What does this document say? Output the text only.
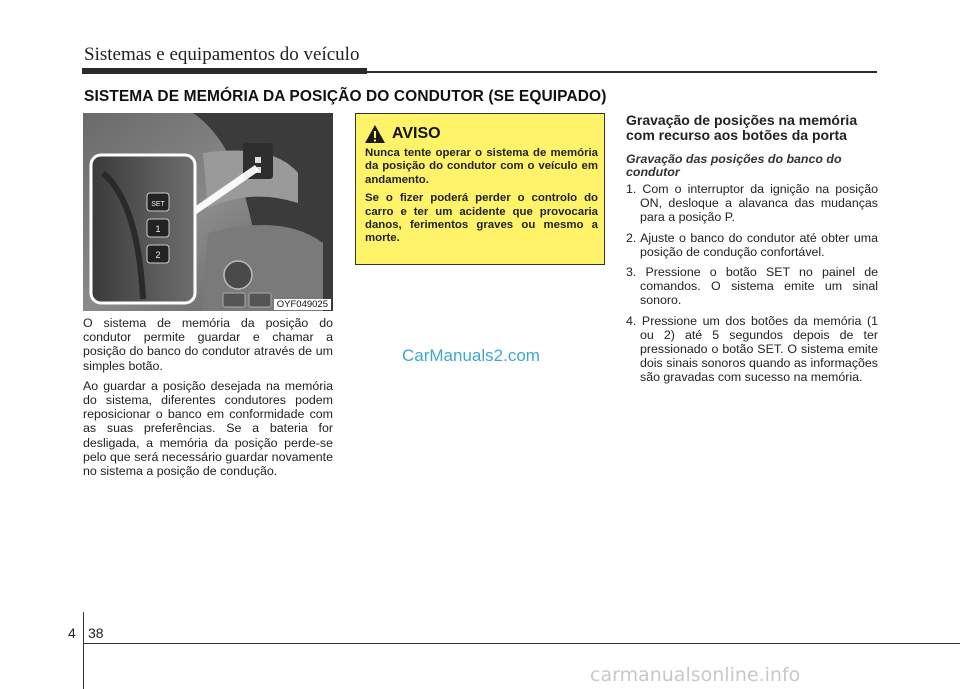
Sistemas e equipamentos do veículo
SISTEMA DE MEMÓRIA DA POSIÇÃO DO CONDUTOR (SE EQUIPADO)
SET
1
2
OYF049025

O sistema de memória da posição do condutor permite guardar e chamar a posição do banco do condutor através de um simples botão.

Ao guardar a posição desejada na memória do sistema, diferentes condutores podem reposicionar o banco em conformidade com as suas preferências. Se a bateria for desligada, a memória da posição perde-se pelo que será necessário guardar novamente no sistema a posição de condução.

AVISO

Nunca tente operar o sistema de memória da posição do condutor com o veículo em andamento.

Se o fizer poderá perder o controlo do carro e ter um acidente que provocaria danos, ferimentos graves ou mesmo a morte.

CarManuals2.com
Gravação de posições na memória com recurso aos botões da porta
Gravação das posições do banco do condutor
1. Com o interruptor da ignição na posição ON, desloque a alavanca das mudanças para a posição P.
2. Ajuste o banco do condutor até obter uma posição de condução confortável.
3. Pressione o botão SET no painel de comandos. O sistema emite um sinal sonoro.
4. Pressione um dos botões da memória (1 ou 2) até 5 segundos depois de ter pressionado o botão SET. O sistema emite dois sinais sonoros quando as informações são gravadas com sucesso na memória.
4 38
carmanualsonline.info
